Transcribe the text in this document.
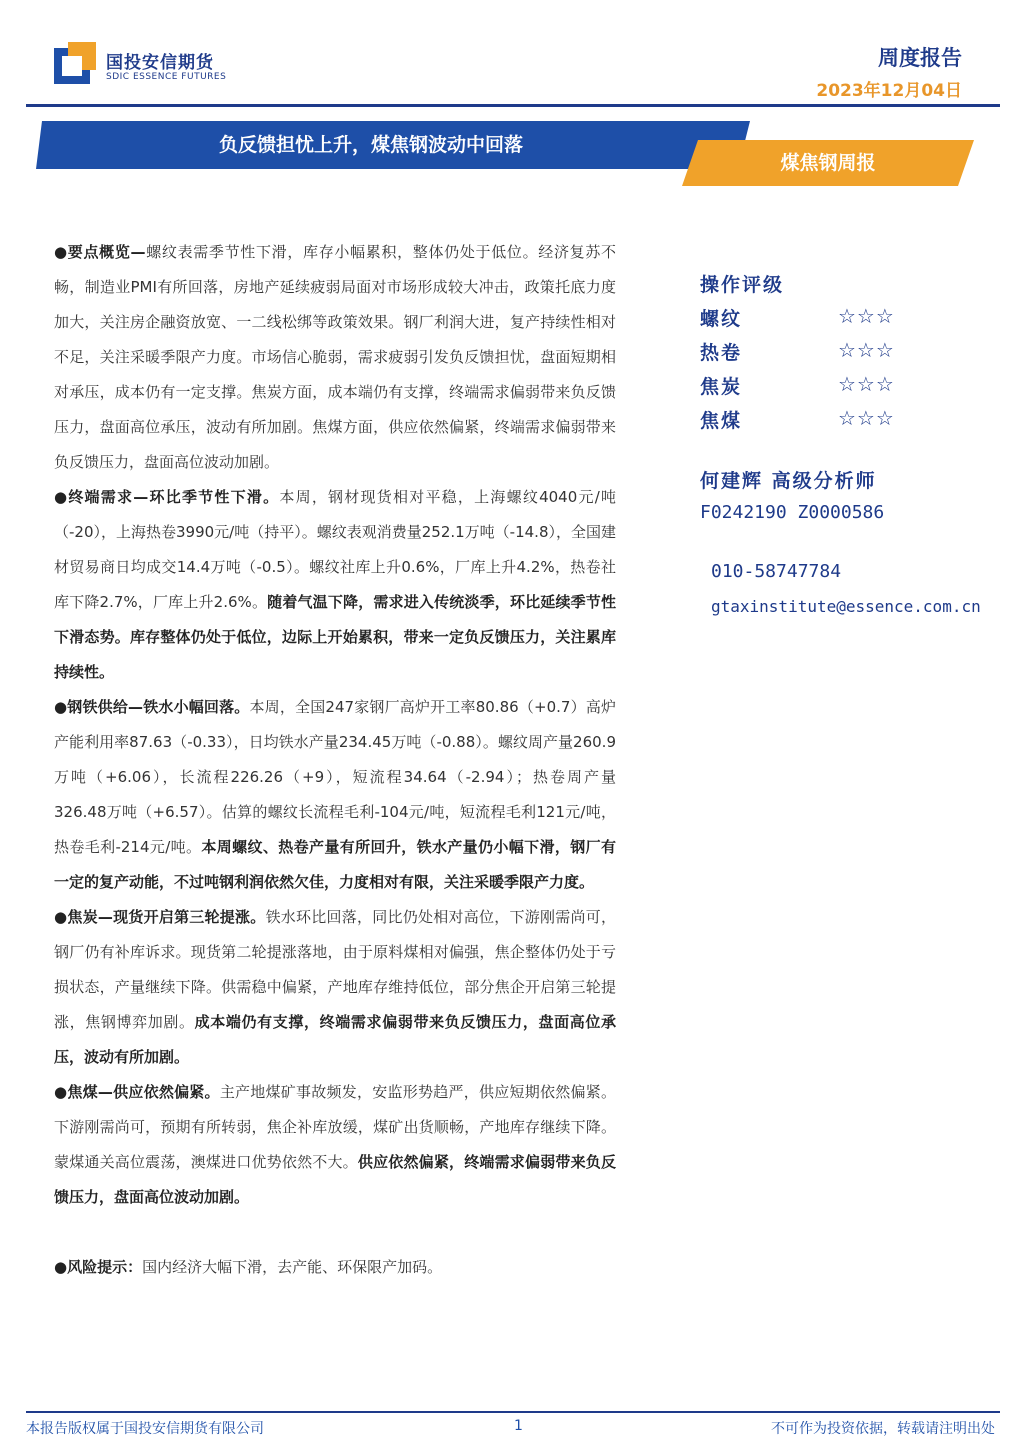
国投安信期货
SDIC ESSENCE FUTURES
周度报告
2023年12月04日
负反馈担忧上升，煤焦钢波动中回落
煤焦钢周报

●要点概览—螺纹表需季节性下滑，库存小幅累积，整体仍处于低位。经济复苏不畅，制造业PMI有所回落，房地产延续疲弱局面对市场形成较大冲击，政策托底力度加大，关注房企融资放宽、一二线松绑等政策效果。钢厂利润大进，复产持续性相对不足，关注采暖季限产力度。市场信心脆弱，需求疲弱引发负反馈担忧，盘面短期相对承压，成本仍有一定支撑。焦炭方面，成本端仍有支撑，终端需求偏弱带来负反馈压力，盘面高位承压，波动有所加剧。焦煤方面，供应依然偏紧，终端需求偏弱带来负反馈压力，盘面高位波动加剧。

●终端需求—环比季节性下滑。本周，钢材现货相对平稳，上海螺纹4040元/吨（-20），上海热卷3990元/吨（持平）。螺纹表观消费量252.1万吨（-14.8），全国建材贸易商日均成交14.4万吨（-0.5）。螺纹社库上升0.6%，厂库上升4.2%，热卷社库下降2.7%，厂库上升2.6%。随着气温下降，需求进入传统淡季，环比延续季节性下滑态势。库存整体仍处于低位，边际上开始累积，带来一定负反馈压力，关注累库持续性。

●钢铁供给—铁水小幅回落。本周，全国247家钢厂高炉开工率80.86（+0.7）高炉产能利用率87.63（-0.33），日均铁水产量234.45万吨（-0.88）。螺纹周产量260.9万吨（+6.06），长流程226.26（+9），短流程34.64（-2.94）；热卷周产量326.48万吨（+6.57）。估算的螺纹长流程毛利-104元/吨，短流程毛利121元/吨，热卷毛利-214元/吨。本周螺纹、热卷产量有所回升，铁水产量仍小幅下滑，钢厂有一定的复产动能，不过吨钢利润依然欠佳，力度相对有限，关注采暖季限产力度。

●焦炭—现货开启第三轮提涨。铁水环比回落，同比仍处相对高位，下游刚需尚可，钢厂仍有补库诉求。现货第二轮提涨落地，由于原料煤相对偏强，焦企整体仍处于亏损状态，产量继续下降。供需稳中偏紧，产地库存维持低位，部分焦企开启第三轮提涨，焦钢博弈加剧。成本端仍有支撑，终端需求偏弱带来负反馈压力，盘面高位承压，波动有所加剧。

●焦煤—供应依然偏紧。主产地煤矿事故频发，安监形势趋严，供应短期依然偏紧。下游刚需尚可，预期有所转弱，焦企补库放缓，煤矿出货顺畅，产地库存继续下降。蒙煤通关高位震荡，澳煤进口优势依然不大。供应依然偏紧，终端需求偏弱带来负反馈压力，盘面高位波动加剧。

●风险提示：国内经济大幅下滑，去产能、环保限产加码。

操作评级
螺纹	☆☆☆
热卷	☆☆☆
焦炭	☆☆☆
焦煤	☆☆☆
何建辉 高级分析师
F0242190 Z0000586
010-58747784
gtaxinstitute@essence.com.cn
本报告版权属于国投安信期货有限公司	1	不可作为投资依据，转载请注明出处
